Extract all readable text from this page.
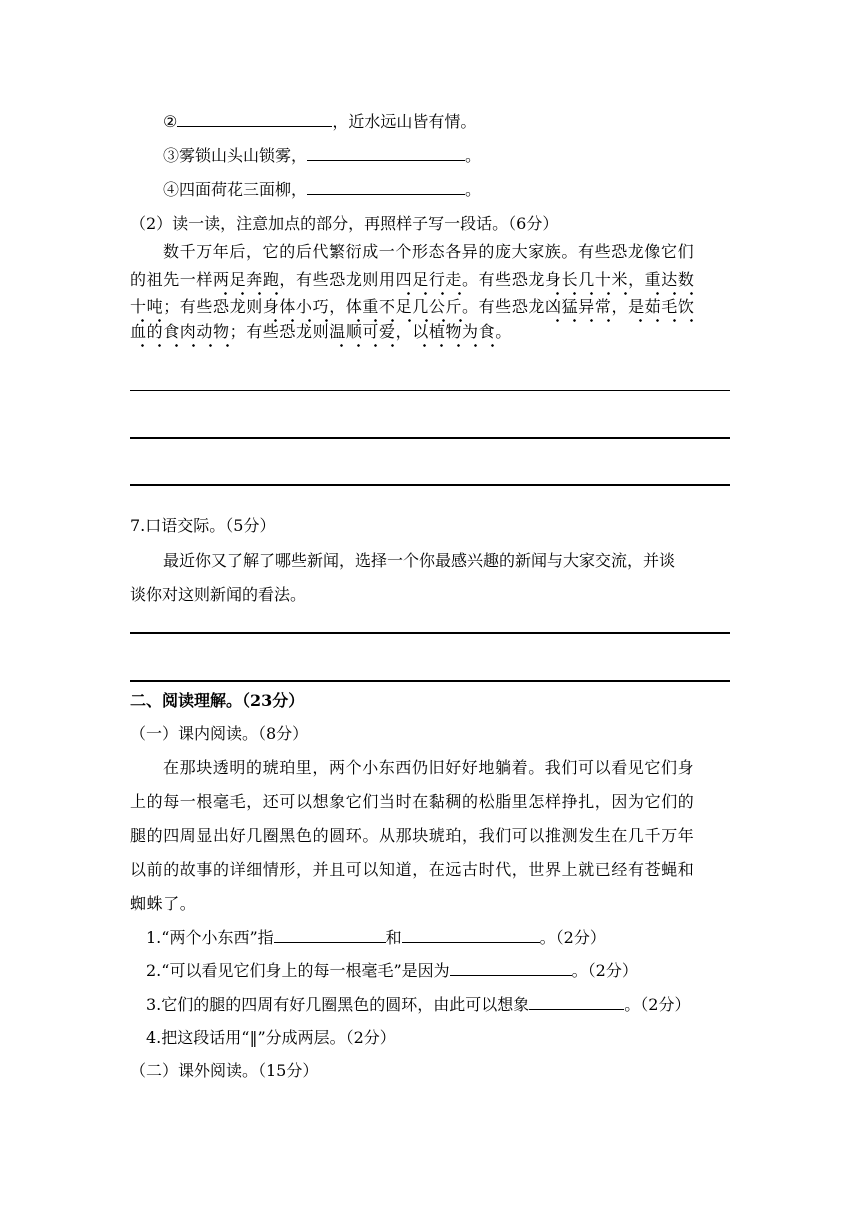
②	，近水远山皆有情。
③雾锁山头山锁雾，	。
④四面荷花三面柳，	。
（2）读一读，注意加点的部分，再照样子写一段话。（6分）
数千万年后，它的后代繁衍成一个形态各异的庞大家族。有些恐龙像它们
的祖先一样两足奔跑，有些恐龙则用四足行走。有些恐龙身长几十米，重达数
十吨；有些恐龙则身体小巧，体重不足几公斤。有些恐龙凶猛异常，是茹毛饮
血的食肉动物；有些恐龙则温顺可爱，以植物为食。
7.口语交际。（5分）
最近你又了解了哪些新闻，选择一个你最感兴趣的新闻与大家交流，并谈
谈你对这则新闻的看法。
二、阅读理解。（23分）
（一）课内阅读。（8分）
在那块透明的琥珀里，两个小东西仍旧好好地躺着。我们可以看见它们身
上的每一根毫毛，还可以想象它们当时在黏稠的松脂里怎样挣扎，因为它们的
腿的四周显出好几圈黑色的圆环。从那块琥珀，我们可以推测发生在几千万年
以前的故事的详细情形，并且可以知道，在远古时代，世界上就已经有苍蝇和
蜘蛛了。
1.“两个小东西”指	和	。（2分）
2.“可以看见它们身上的每一根毫毛”是因为	。（2分）
3.它们的腿的四周有好几圈黑色的圆环，由此可以想象	。（2分）
4.把这段话用“‖”分成两层。（2分）
（二）课外阅读。（15分）
